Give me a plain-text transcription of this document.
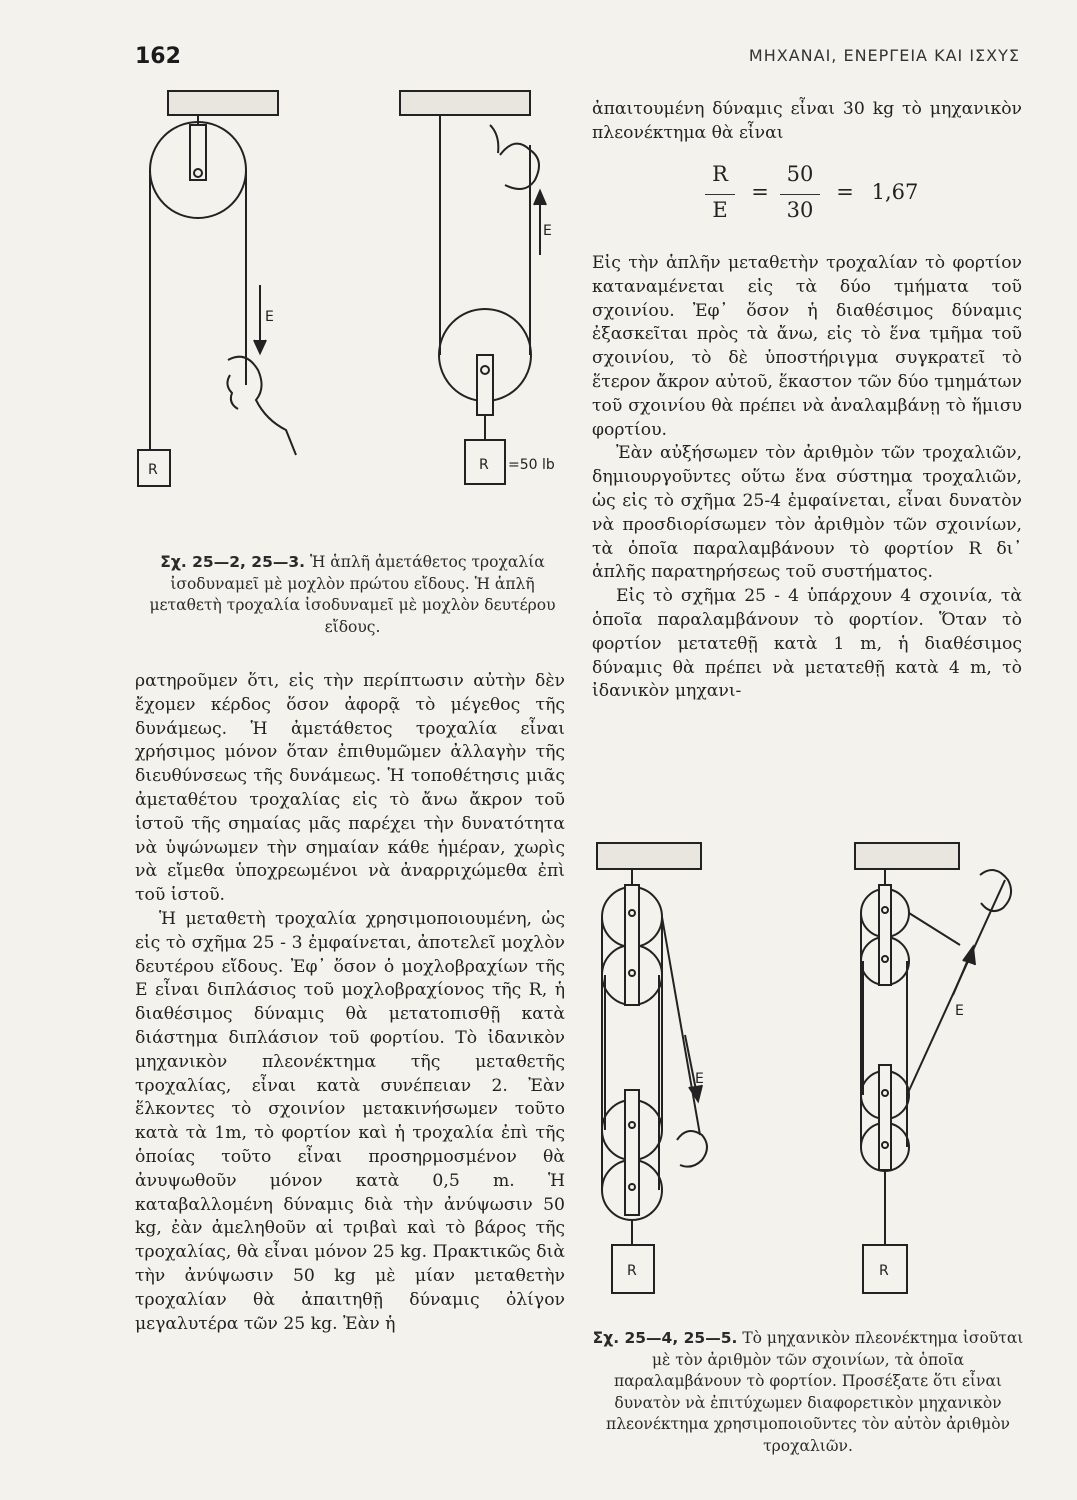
162	ΜΗΧΑΝΑΙ, ΕΝΕΡΓΕΙΑ ΚΑΙ ΙΣΧΥΣ
E
E
R	R =50 lb
Σχ. 25—2, 25—3. Ἡ ἁπλῆ ἀμετάθετος τροχαλία ἰσοδυναμεῖ μὲ μοχλὸν πρώτου εἴδους. Ἡ ἁπλῆ μεταθετὴ τροχαλία ἰσοδυναμεῖ μὲ μοχλὸν δευτέρου εἴδους.

ρατηροῦμεν ὅτι, εἰς τὴν περίπτωσιν αὐτὴν δὲν ἔχομεν κέρδος ὅσον ἀφορᾷ τὸ μέγεθος τῆς δυνάμεως. Ἡ ἀμετάθετος τροχαλία εἶναι χρήσιμος μόνον ὅταν ἐπιθυμῶμεν ἀλλαγὴν τῆς διευθύνσεως τῆς δυνάμεως. Ἡ τοποθέτησις μιᾶς ἀμεταθέτου τροχαλίας εἰς τὸ ἄνω ἄκρον τοῦ ἱστοῦ τῆς σημαίας μᾶς παρέχει τὴν δυνατότητα νὰ ὑψώνωμεν τὴν σημαίαν κάθε ἡμέραν, χωρὶς νὰ εἴμεθα ὑποχρεωμένοι νὰ ἀναρριχώμεθα ἐπὶ τοῦ ἱστοῦ.

Ἡ μεταθετὴ τροχαλία χρησιμοποιουμένη, ὡς εἰς τὸ σχῆμα 25 - 3 ἐμφαίνεται, ἀποτελεῖ μοχλὸν δευτέρου εἴδους. Ἐφ᾽ ὅσον ὁ μοχλοβραχίων τῆς Ε εἶναι διπλάσιος τοῦ μοχλοβραχίονος τῆς R, ἡ διαθέσιμος δύναμις θὰ μετατοπισθῇ κατὰ διάστημα διπλάσιον τοῦ φορτίου. Τὸ ἰδανικὸν μηχανικὸν πλεονέκτημα τῆς μεταθετῆς τροχαλίας, εἶναι κατὰ συνέπειαν 2. Ἐὰν ἕλκοντες τὸ σχοινίον μετακινήσωμεν τοῦτο κατὰ τὰ 1m, τὸ φορτίον καὶ ἡ τροχαλία ἐπὶ τῆς ὁποίας τοῦτο εἶναι προσηρμοσμένον θὰ ἀνυψωθοῦν μόνον κατὰ 0,5 m. Ἡ καταβαλλομένη δύναμις διὰ τὴν ἀνύψωσιν 50 kg, ἐὰν ἀμεληθοῦν αἱ τριβαὶ καὶ τὸ βάρος τῆς τροχαλίας, θὰ εἶναι μόνον 25 kg. Πρακτικῶς διὰ τὴν ἀνύψωσιν 50 kg μὲ μίαν μεταθετὴν τροχαλίαν θὰ ἀπαιτηθῇ δύναμις ὀλίγον μεγαλυτέρα τῶν 25 kg. Ἐὰν ἡ

ἀπαιτουμένη δύναμις εἶναι 30 kg τὸ μηχανικὸν πλεονέκτημα θὰ εἶναι

R
E
=
50
30
= 1,67

Εἰς τὴν ἁπλῆν μεταθετὴν τροχαλίαν τὸ φορτίον καταναμένεται εἰς τὰ δύο τμήματα τοῦ σχοινίου. Ἐφ᾽ ὅσον ἡ διαθέσιμος δύναμις ἐξασκεῖται πρὸς τὰ ἄνω, εἰς τὸ ἕνα τμῆμα τοῦ σχοινίου, τὸ δὲ ὑποστήριγμα συγκρατεῖ τὸ ἕτερον ἄκρον αὐτοῦ, ἕκαστον τῶν δύο τμημάτων τοῦ σχοινίου θὰ πρέπει νὰ ἀναλαμβάνῃ τὸ ἥμισυ φορτίου.

Ἐὰν αὐξήσωμεν τὸν ἀριθμὸν τῶν τροχαλιῶν, δημιουργοῦντες οὕτω ἕνα σύστημα τροχαλιῶν, ὡς εἰς τὸ σχῆμα 25-4 ἐμφαίνεται, εἶναι δυνατὸν νὰ προσδιορίσωμεν τὸν ἀριθμὸν τῶν σχοινίων, τὰ ὁποῖα παραλαμβάνουν τὸ φορτίον R δι᾽ ἁπλῆς παρατηρήσεως τοῦ συστήματος.

Εἰς τὸ σχῆμα 25 - 4 ὑπάρχουν 4 σχοινία, τὰ ὁποῖα παραλαμβάνουν τὸ φορτίον. Ὅταν τὸ φορτίον μετατεθῇ κατὰ 1 m, ἡ διαθέσιμος δύναμις θὰ πρέπει νὰ μετατεθῇ κατὰ 4 m, τὸ ἰδανικὸν μηχανι-

E
E
R	R
Σχ. 25—4, 25—5. Τὸ μηχανικὸν πλεονέκτημα ἰσοῦται μὲ τὸν ἀριθμὸν τῶν σχοινίων, τὰ ὁποῖα παραλαμβάνουν τὸ φορτίον. Προσέξατε ὅτι εἶναι δυνατὸν νὰ ἐπιτύχωμεν διαφορετικὸν μηχανικὸν πλεονέκτημα χρησιμοποιοῦντες τὸν αὐτὸν ἀριθμὸν τροχαλιῶν.
